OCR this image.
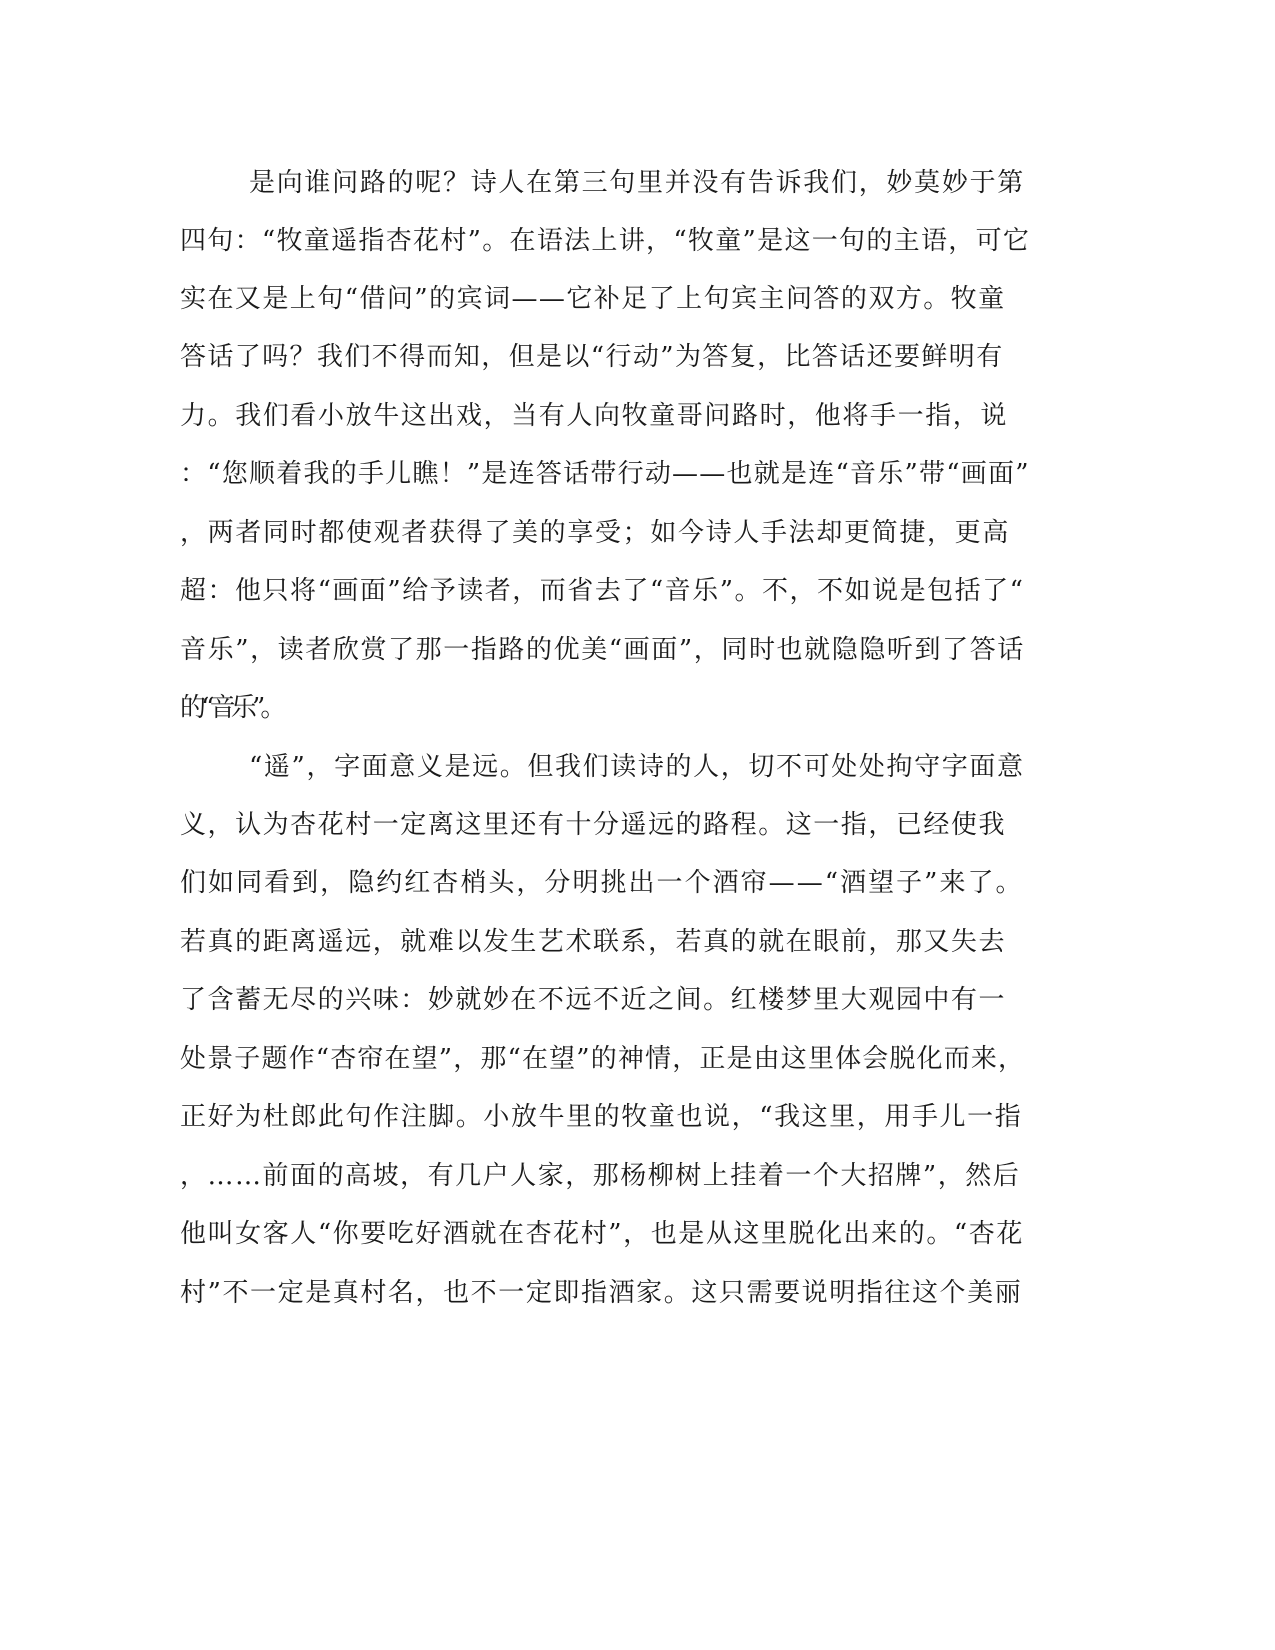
是向谁问路的呢？诗人在第三句里并没有告诉我们，妙莫妙于第

四句：“牧童遥指杏花村”。在语法上讲，“牧童”是这一句的主语，可它

实在又是上句“借问”的宾词——它补足了上句宾主问答的双方。牧童

答话了吗？我们不得而知，但是以“行动”为答复，比答话还要鲜明有

力。我们看小放牛这出戏，当有人向牧童哥问路时，他将手一指，说

：“您顺着我的手儿瞧！”是连答话带行动——也就是连“音乐”带“画面”

，两者同时都使观者获得了美的享受；如今诗人手法却更简捷，更高

超：他只将“画面”给予读者，而省去了“音乐”。不，不如说是包括了“

音乐”，读者欣赏了那一指路的优美“画面”，同时也就隐隐听到了答话

的“音乐”。

“遥”，字面意义是远。但我们读诗的人，切不可处处拘守字面意

义，认为杏花村一定离这里还有十分遥远的路程。这一指，已经使我

们如同看到，隐约红杏梢头，分明挑出一个酒帘——“酒望子”来了。

若真的距离遥远，就难以发生艺术联系，若真的就在眼前，那又失去

了含蓄无尽的兴味：妙就妙在不远不近之间。红楼梦里大观园中有一

处景子题作“杏帘在望”，那“在望”的神情，正是由这里体会脱化而来，

正好为杜郎此句作注脚。小放牛里的牧童也说，“我这里，用手儿一指

，……前面的高坡，有几户人家，那杨柳树上挂着一个大招牌”，然后

他叫女客人“你要吃好酒就在杏花村”，也是从这里脱化出来的。“杏花

村”不一定是真村名，也不一定即指酒家。这只需要说明指往这个美丽
